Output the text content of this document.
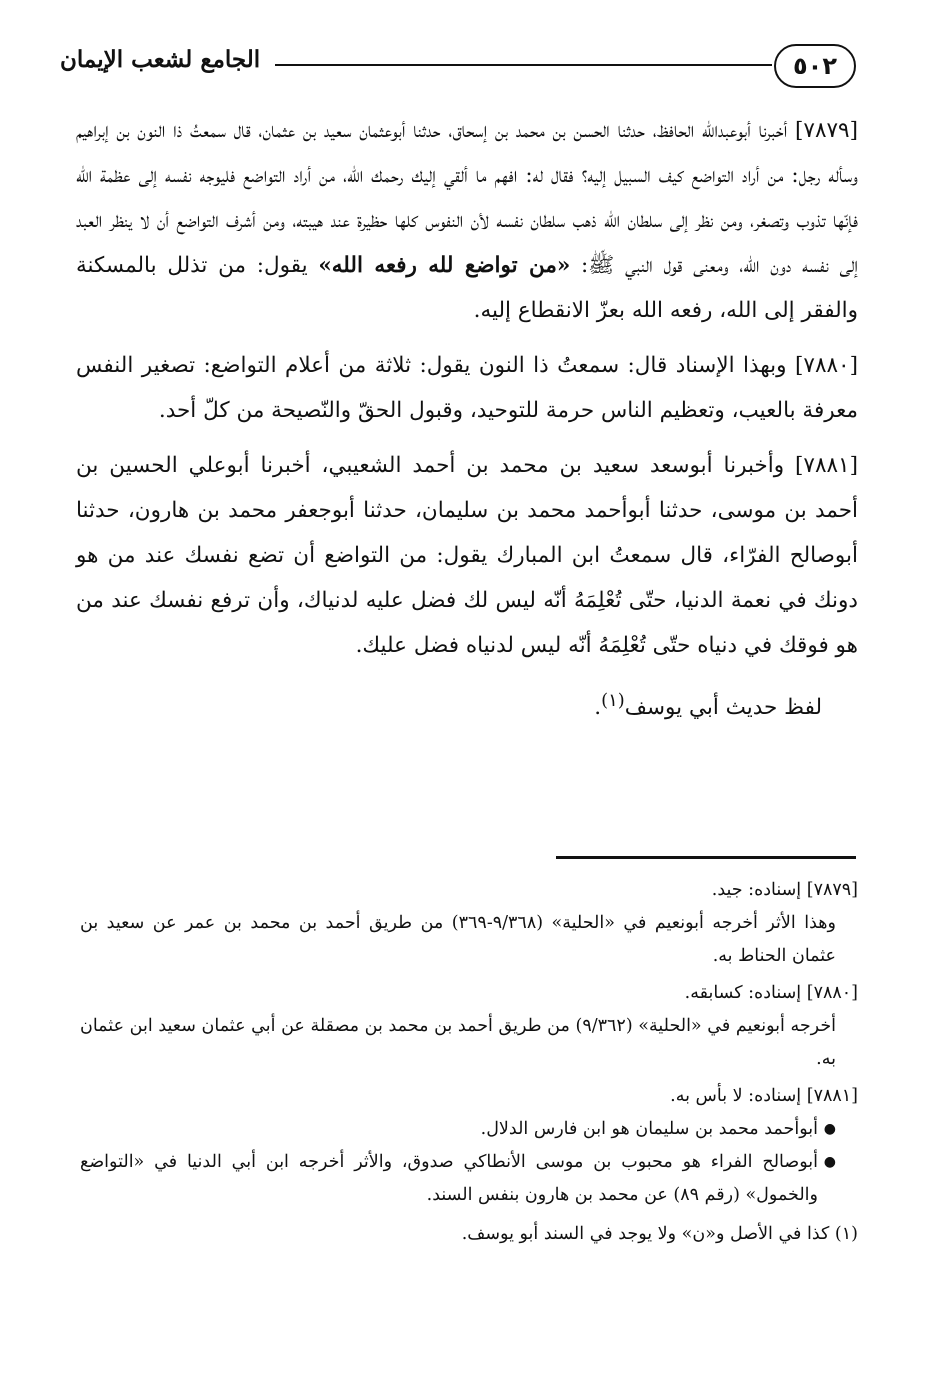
٥٠٢
الجامع لشعب الإيمان

[٧٨٧٩] أخبرنا أبوعبدالله الحافظ، حدثنا الحسن بن محمد بن إسحاق، حدثنا أبوعثمان سعيد بن عثمان، قال سمعتُ ذا النون بن إبراهيم وسأله رجل: من أراد التواضع كيف السبيل إليه؟ فقال له: افهم ما ألقي إليك رحمك الله، من أراد التواضع فليوجه نفسه إلى عظمة الله فإنّها تذوب وتصغر، ومن نظر إلى سلطان الله ذهب سلطان نفسه لأن النفوس كلها حظيرة عند هيبته، ومن أشرف التواضع أن لا ينظر العبد إلى نفسه دون الله، ومعنى قول النبي ﷺ: «من تواضع لله رفعه الله» يقول: من تذلل بالمسكنة والفقر إلى الله، رفعه الله بعزّ الانقطاع إليه.

[٧٨٨٠] وبهذا الإسناد قال: سمعتُ ذا النون يقول: ثلاثة من أعلام التواضع: تصغير النفس معرفة بالعيب، وتعظيم الناس حرمة للتوحيد، وقبول الحقّ والنّصيحة من كلّ أحد.

[٧٨٨١] وأخبرنا أبوسعد سعيد بن محمد بن أحمد الشعيبي، أخبرنا أبوعلي الحسين بن أحمد بن موسى، حدثنا أبوأحمد محمد بن سليمان، حدثنا أبوجعفر محمد بن هارون، حدثنا أبوصالح الفرّاء، قال سمعتُ ابن المبارك يقول: من التواضع أن تضع نفسك عند من هو دونك في نعمة الدنيا، حتّى تُعْلِمَهُ أنّه ليس لك فضل عليه لدنياك، وأن ترفع نفسك عند من هو فوقك في دنياه حتّى تُعْلِمَهُ أنّه ليس لدنياه فضل عليك.

لفظ حديث أبي يوسف$^{(١)}$.

[٧٨٧٩] إسناده: جيد.

وهذا الأثر أخرجه أبونعيم في «الحلية» (٩/٣٦٨-٣٦٩) من طريق أحمد بن محمد بن عمر عن سعيد بن عثمان الحناط به.

[٧٨٨٠] إسناده: كسابقه.

أخرجه أبونعيم في «الحلية» (٩/٣٦٢) من طريق أحمد بن محمد بن مصقلة عن أبي عثمان سعيد ابن عثمان به.

[٧٨٨١] إسناده: لا بأس به.

●
أبوأحمد محمد بن سليمان هو ابن فارس الدلال.
●
أبوصالح الفراء هو محبوب بن موسى الأنطاكي صدوق، والأثر أخرجه ابن أبي الدنيا في «التواضع والخمول» (رقم ٨٩) عن محمد بن هارون بنفس السند.

(١) كذا في الأصل و«ن» ولا يوجد في السند أبو يوسف.
